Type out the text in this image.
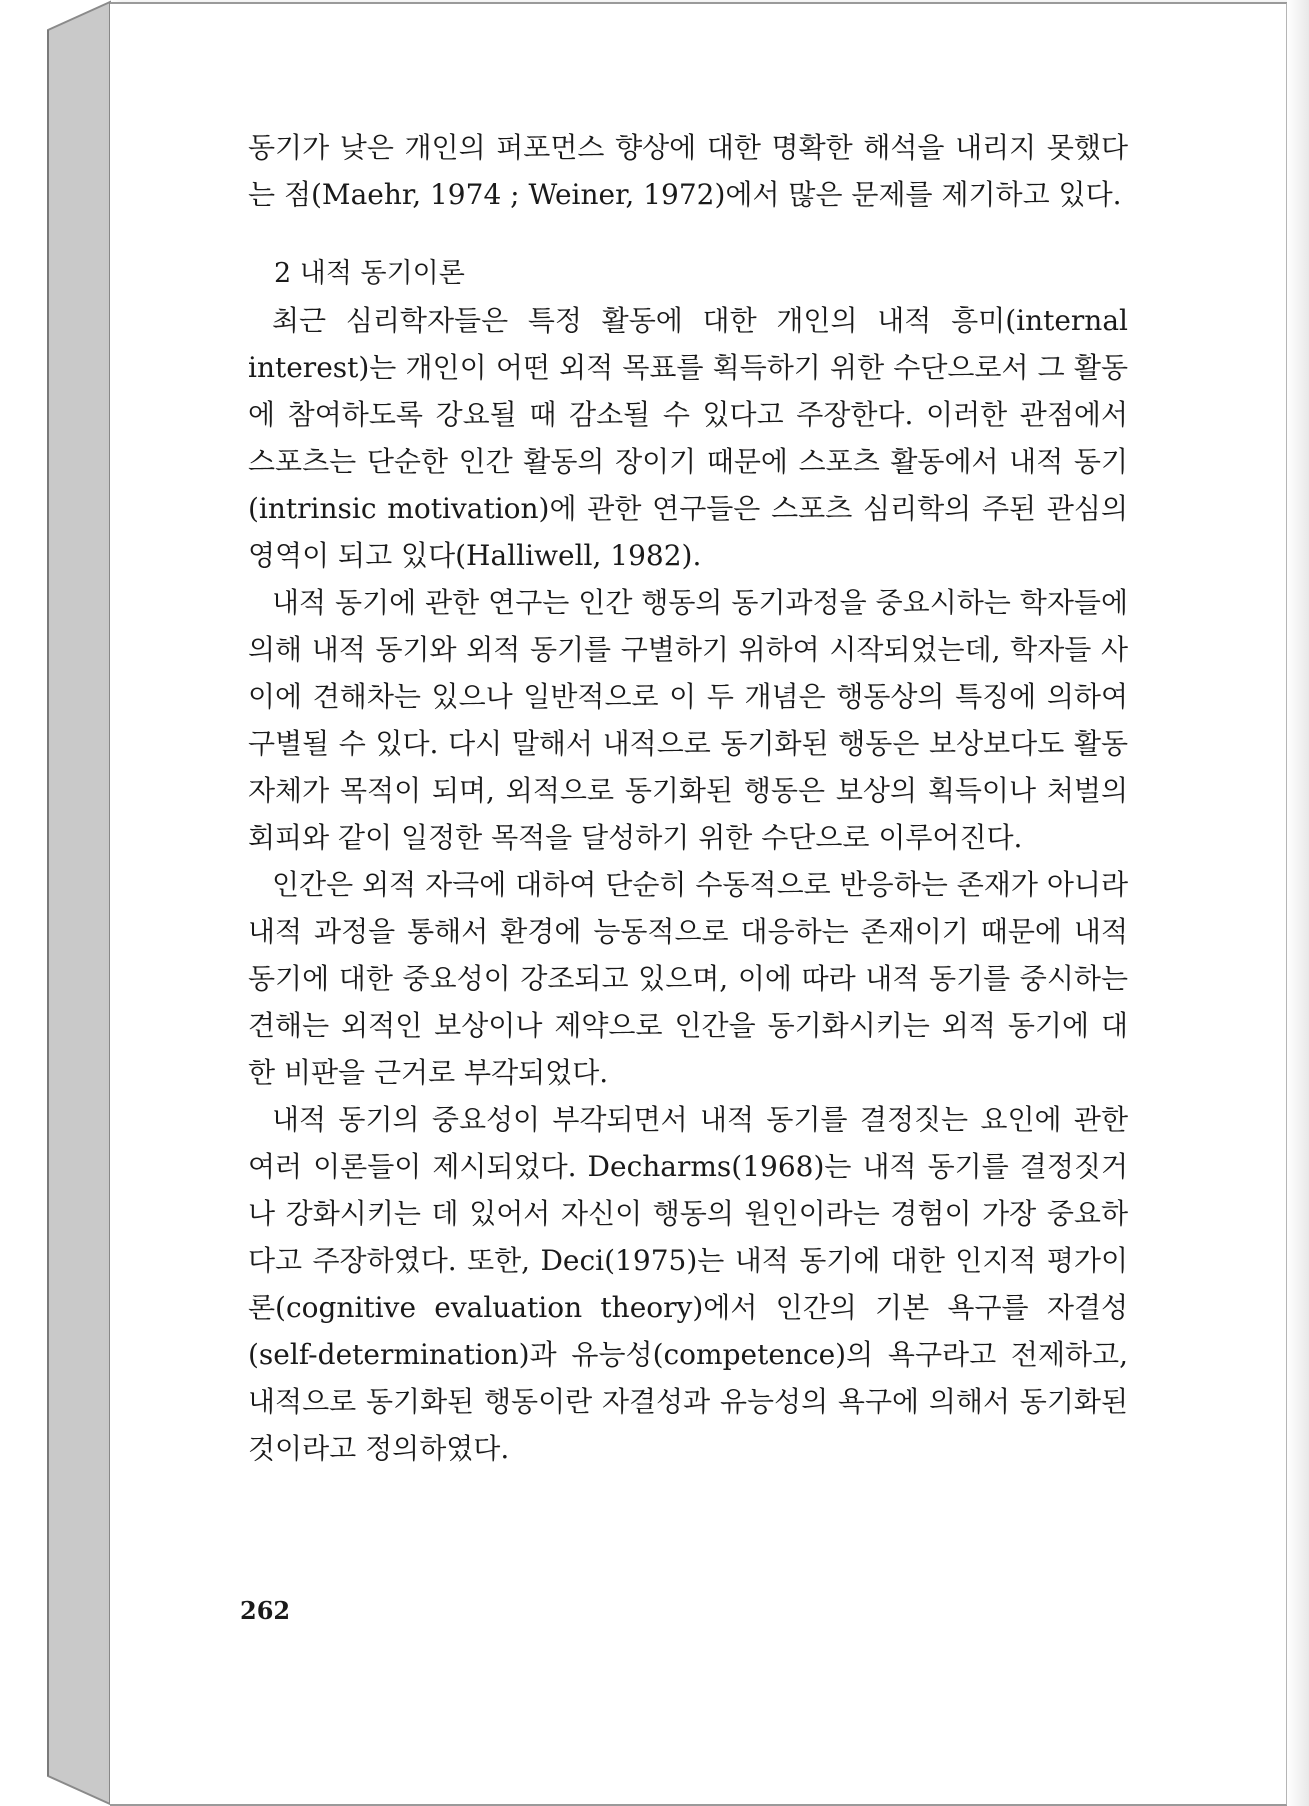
동기가 낮은 개인의 퍼포먼스 향상에 대한 명확한 해석을 내리지 못했다는 점(Maehr, 1974 ; Weiner, 1972)에서 많은 문제를 제기하고 있다.

2 내적 동기이론

최근 심리학자들은 특정 활동에 대한 개인의 내적 흥미(internal interest)는 개인이 어떤 외적 목표를 획득하기 위한 수단으로서 그 활동에 참여하도록 강요될 때 감소될 수 있다고 주장한다. 이러한 관점에서 스포츠는 단순한 인간 활동의 장이기 때문에 스포츠 활동에서 내적 동기(intrinsic motivation)에 관한 연구들은 스포츠 심리학의 주된 관심의 영역이 되고 있다(Halliwell, 1982).

내적 동기에 관한 연구는 인간 행동의 동기과정을 중요시하는 학자들에 의해 내적 동기와 외적 동기를 구별하기 위하여 시작되었는데, 학자들 사이에 견해차는 있으나 일반적으로 이 두 개념은 행동상의 특징에 의하여 구별될 수 있다. 다시 말해서 내적으로 동기화된 행동은 보상보다도 활동 자체가 목적이 되며, 외적으로 동기화된 행동은 보상의 획득이나 처벌의 회피와 같이 일정한 목적을 달성하기 위한 수단으로 이루어진다.

인간은 외적 자극에 대하여 단순히 수동적으로 반응하는 존재가 아니라 내적 과정을 통해서 환경에 능동적으로 대응하는 존재이기 때문에 내적 동기에 대한 중요성이 강조되고 있으며, 이에 따라 내적 동기를 중시하는 견해는 외적인 보상이나 제약으로 인간을 동기화시키는 외적 동기에 대한 비판을 근거로 부각되었다.

내적 동기의 중요성이 부각되면서 내적 동기를 결정짓는 요인에 관한 여러 이론들이 제시되었다. Decharms(1968)는 내적 동기를 결정짓거나 강화시키는 데 있어서 자신이 행동의 원인이라는 경험이 가장 중요하다고 주장하였다. 또한, Deci(1975)는 내적 동기에 대한 인지적 평가이론(cognitive evaluation theory)에서 인간의 기본 욕구를 자결성(self-determination)과 유능성(competence)의 욕구라고 전제하고, 내적으로 동기화된 행동이란 자결성과 유능성의 욕구에 의해서 동기화된 것이라고 정의하였다.

262
